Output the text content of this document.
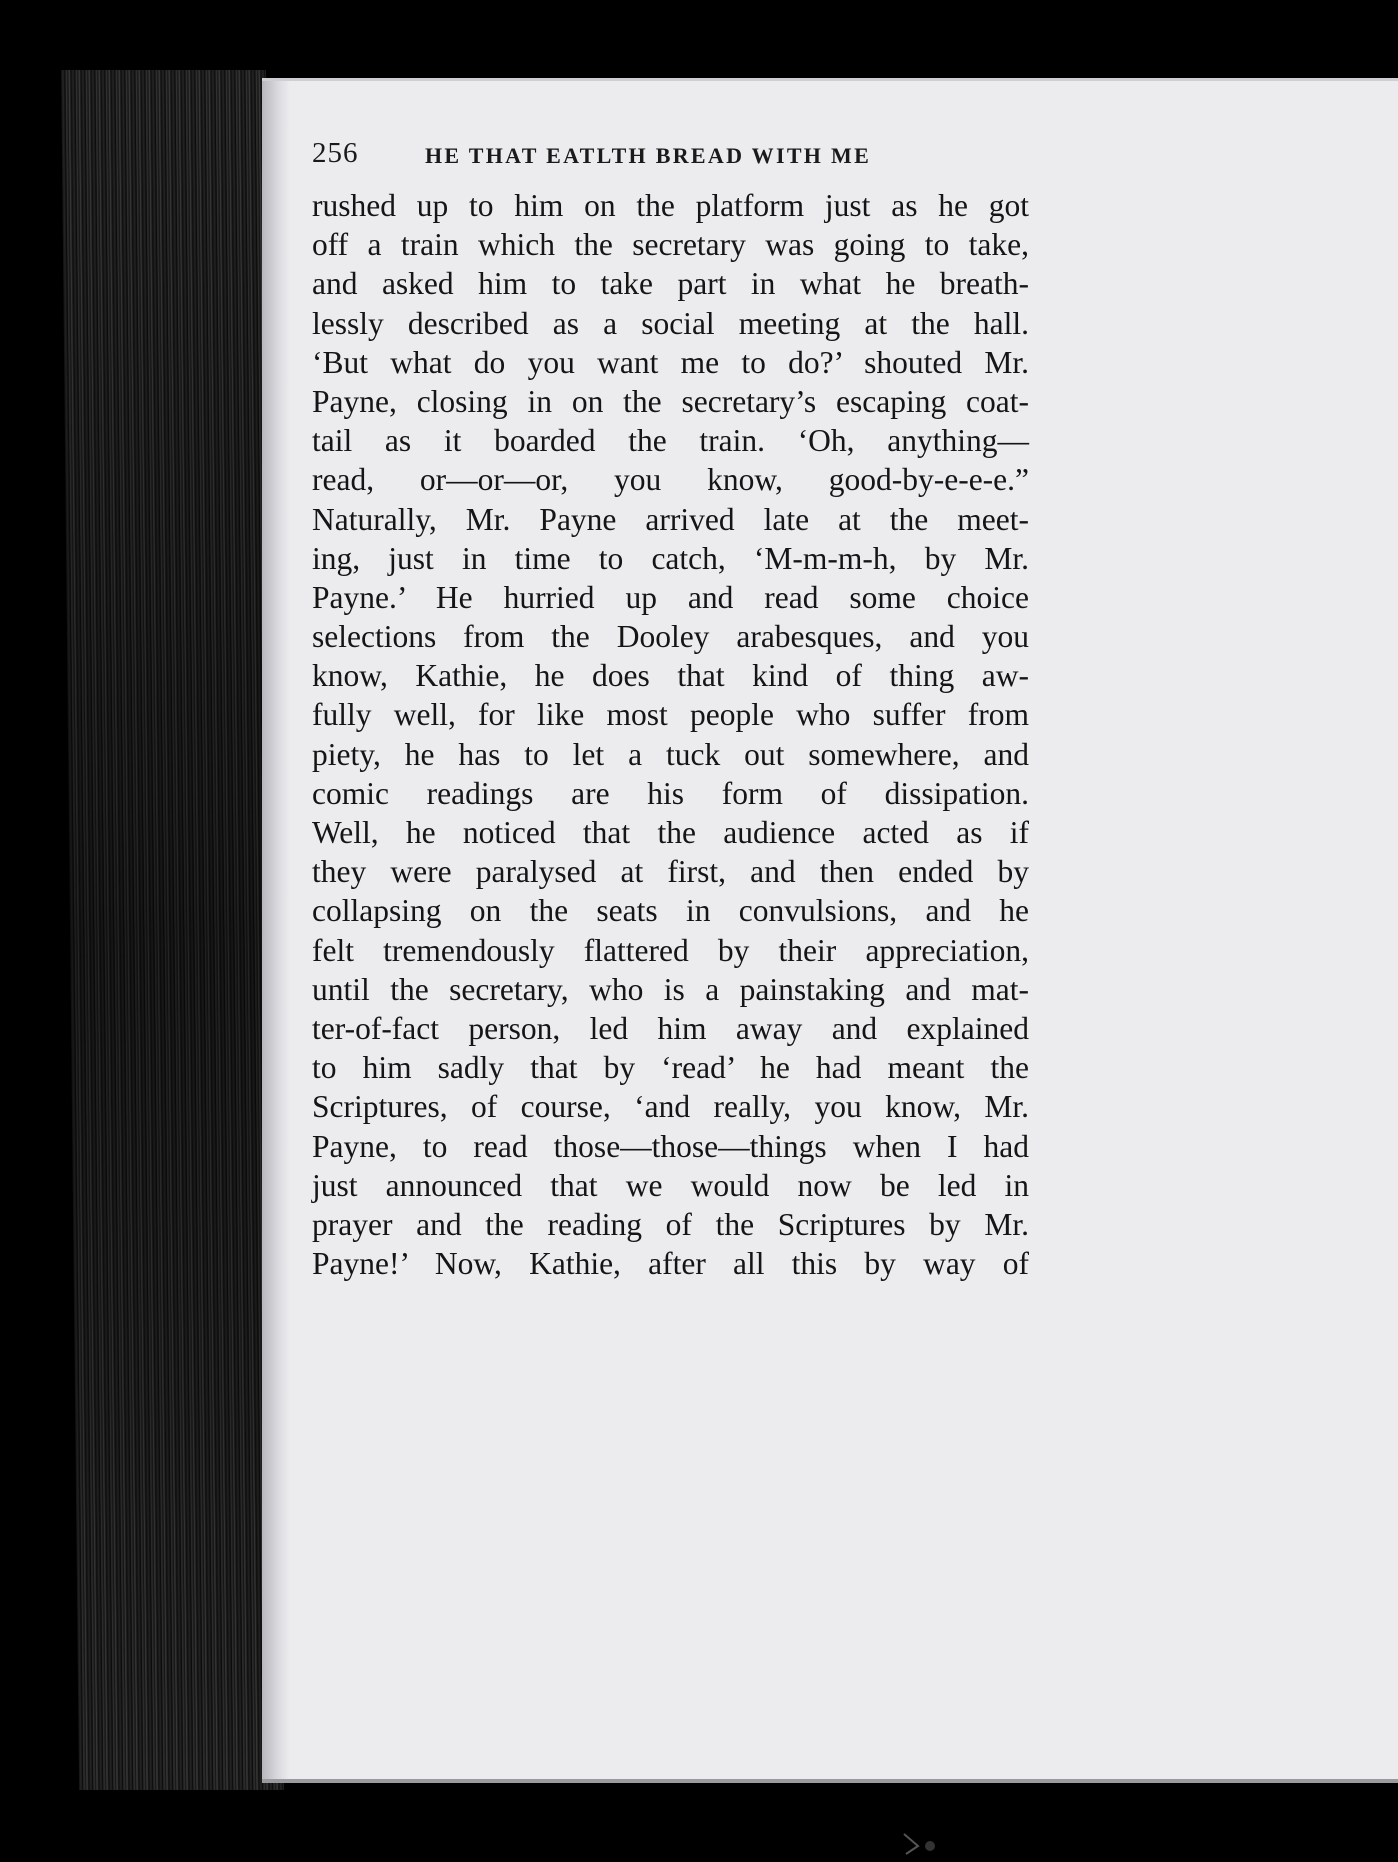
256	HE THAT EATLTH BREAD WITH ME
rushed up to him on the platform just as he got
off a train which the secretary was going to take,
and asked him to take part in what he breath-
lessly described as a social meeting at the hall.
‘But what do you want me to do?’ shouted Mr.
Payne, closing in on the secretary’s escaping coat-
tail as it boarded the train. ‘Oh, anything—
read, or—or—or, you know, good-by-e-e-e.”
Naturally, Mr. Payne arrived late at the meet-
ing, just in time to catch, ‘M-m-m-h, by Mr.
Payne.’ He hurried up and read some choice
selections from the Dooley arabesques, and you
know, Kathie, he does that kind of thing aw-
fully well, for like most people who suffer from
piety, he has to let a tuck out somewhere, and
comic readings are his form of dissipation.
Well, he noticed that the audience acted as if
they were paralysed at first, and then ended by
collapsing on the seats in convulsions, and he
felt tremendously flattered by their appreciation,
until the secretary, who is a painstaking and mat-
ter-of-fact person, led him away and explained
to him sadly that by ‘read’ he had meant the
Scriptures, of course, ‘and really, you know, Mr.
Payne, to read those—those—things when I had
just announced that we would now be led in
prayer and the reading of the Scriptures by Mr.
Payne!’ Now, Kathie, after all this by way of
